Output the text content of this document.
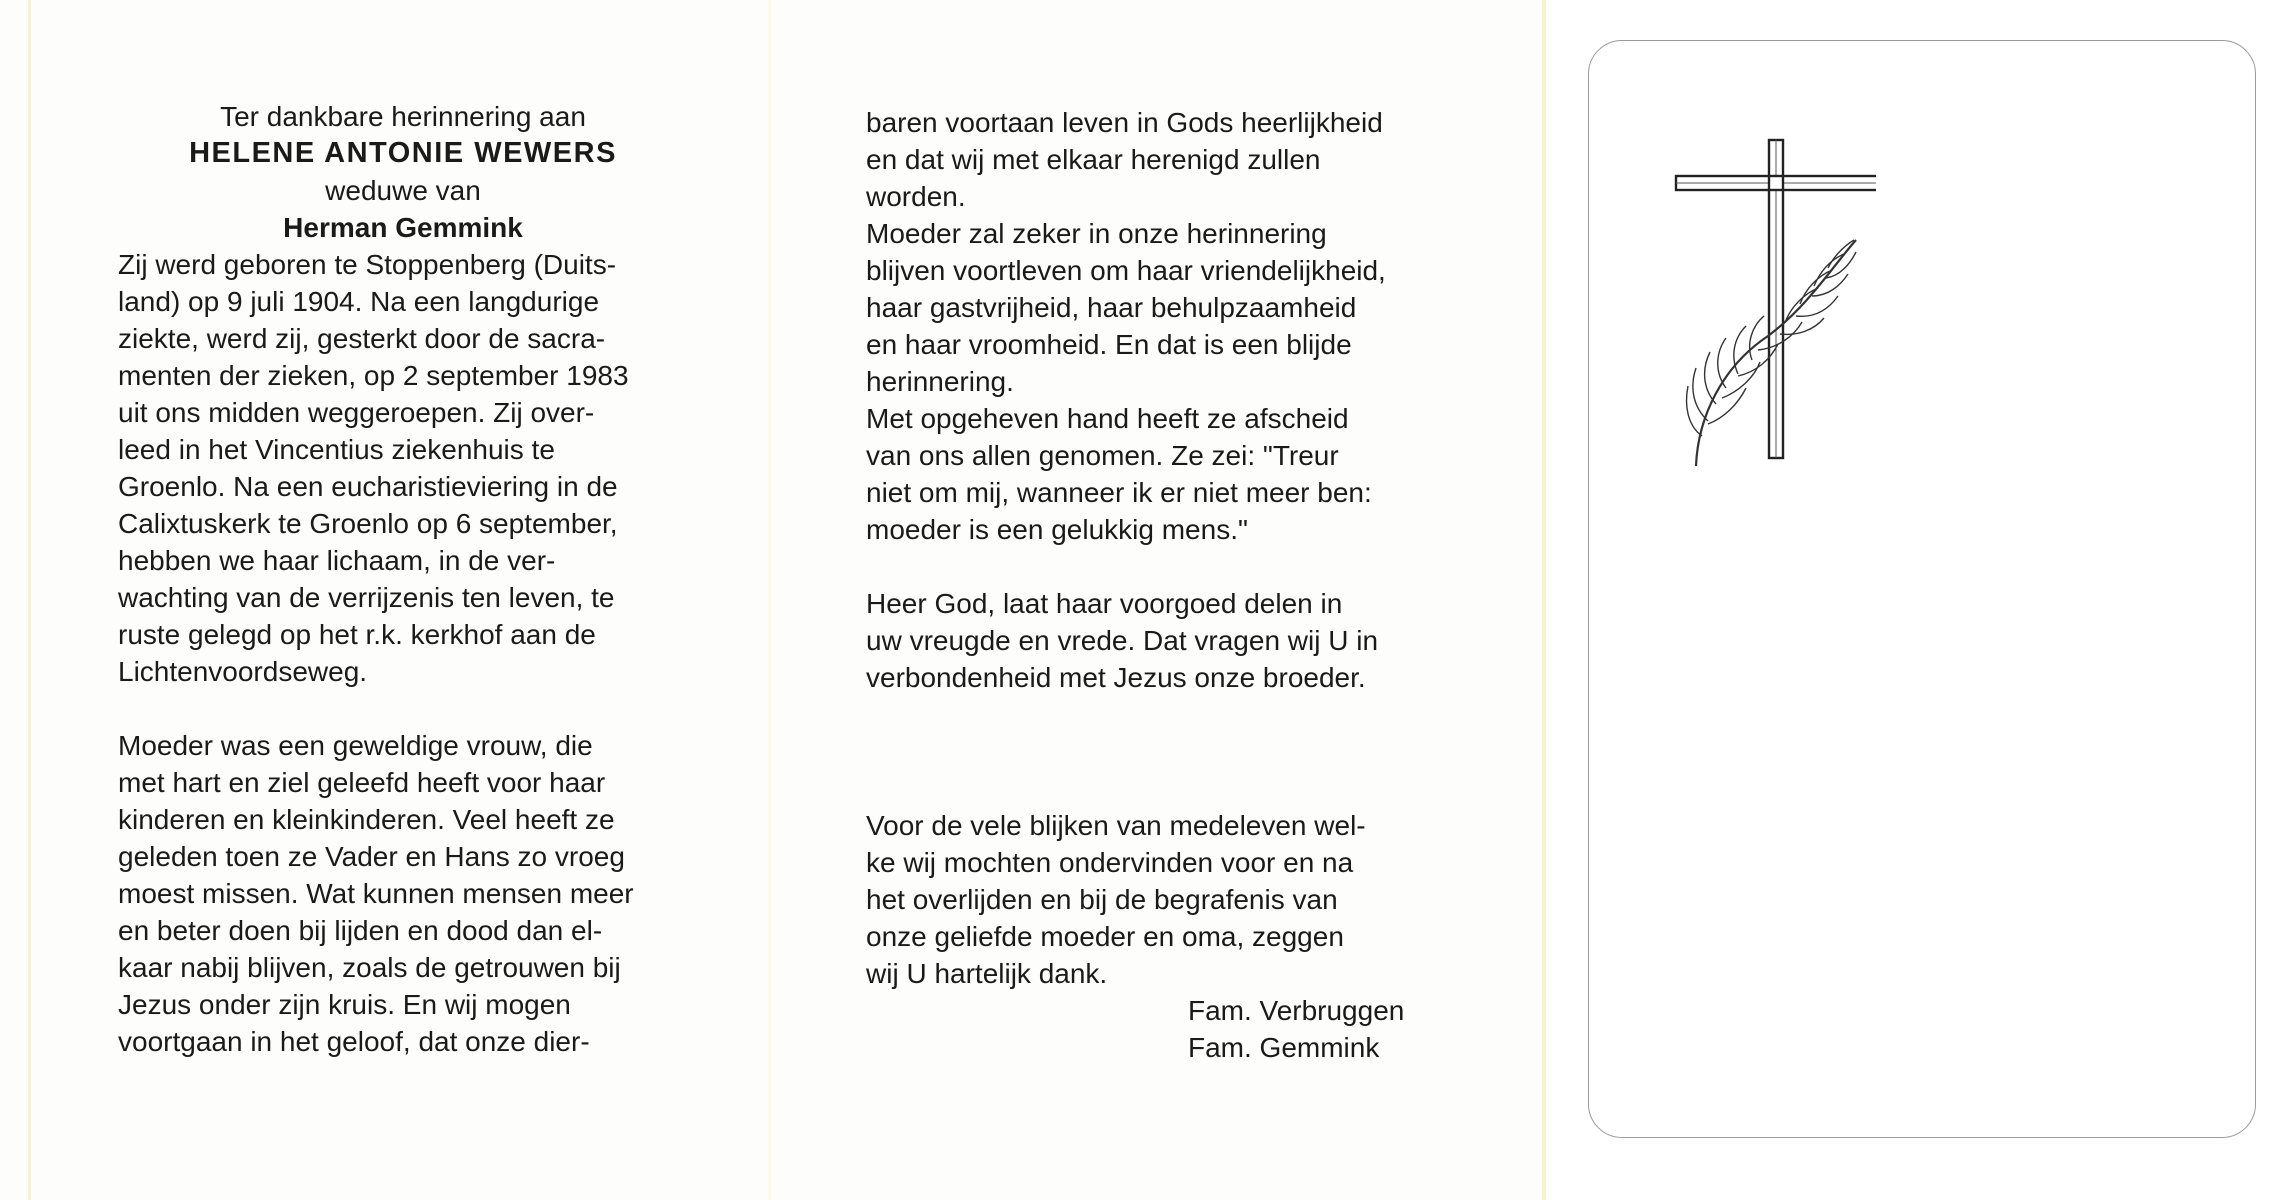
Ter dankbare herinnering aan

HELENE ANTONIE WEWERS

weduwe van

Herman Gemmink

Zij werd geboren te Stoppenberg (Duits-

land) op 9 juli 1904. Na een langdurige

ziekte, werd zij, gesterkt door de sacra-

menten der zieken, op 2 september 1983

uit ons midden weggeroepen. Zij over-

leed in het Vincentius ziekenhuis te

Groenlo. Na een eucharistieviering in de

Calixtuskerk te Groenlo op 6 september,

hebben we haar lichaam, in de ver-

wachting van de verrijzenis ten leven, te

ruste gelegd op het r.k. kerkhof aan de

Lichtenvoordseweg.

Moeder was een geweldige vrouw, die

met hart en ziel geleefd heeft voor haar

kinderen en kleinkinderen. Veel heeft ze

geleden toen ze Vader en Hans zo vroeg

moest missen. Wat kunnen mensen meer

en beter doen bij lijden en dood dan el-

kaar nabij blijven, zoals de getrouwen bij

Jezus onder zijn kruis. En wij mogen

voortgaan in het geloof, dat onze dier-

baren voortaan leven in Gods heerlijkheid

en dat wij met elkaar herenigd zullen

worden.

Moeder zal zeker in onze herinnering

blijven voortleven om haar vriendelijkheid,

haar gastvrijheid, haar behulpzaamheid

en haar vroomheid. En dat is een blijde

herinnering.

Met opgeheven hand heeft ze afscheid

van ons allen genomen. Ze zei: "Treur

niet om mij, wanneer ik er niet meer ben:

moeder is een gelukkig mens."

Heer God, laat haar voorgoed delen in

uw vreugde en vrede. Dat vragen wij U in

verbondenheid met Jezus onze broeder.

Voor de vele blijken van medeleven wel-

ke wij mochten ondervinden voor en na

het overlijden en bij de begrafenis van

onze geliefde moeder en oma, zeggen

wij U hartelijk dank.

Fam. Verbruggen

Fam. Gemmink
